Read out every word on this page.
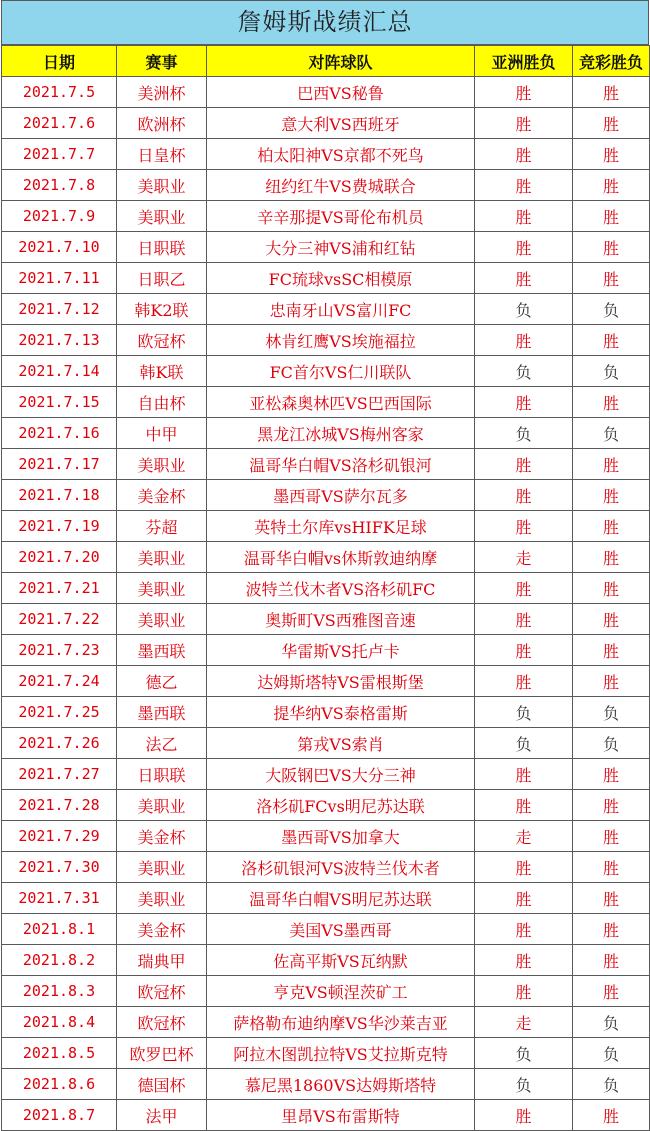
詹姆斯战绩汇总
日期	赛事	对阵球队	亚洲胜负	竞彩胜负
2021.7.5	美洲杯	巴西VS秘鲁	胜	胜
2021.7.6	欧洲杯	意大利VS西班牙	胜	胜
2021.7.7	日皇杯	柏太阳神VS京都不死鸟	胜	胜
2021.7.8	美职业	纽约红牛VS费城联合	胜	胜
2021.7.9	美职业	辛辛那提VS哥伦布机员	胜	胜
2021.7.10	日职联	大分三神VS浦和红钻	胜	胜
2021.7.11	日职乙	FC琉球vsSC相模原	胜	胜
2021.7.12	韩K2联	忠南牙山VS富川FC	负	负
2021.7.13	欧冠杯	林肯红鹰VS埃施福拉	胜	胜
2021.7.14	韩K联	FC首尔VS仁川联队	负	负
2021.7.15	自由杯	亚松森奥林匹VS巴西国际	胜	胜
2021.7.16	中甲	黑龙江冰城VS梅州客家	负	负
2021.7.17	美职业	温哥华白帽VS洛杉矶银河	胜	胜
2021.7.18	美金杯	墨西哥VS萨尔瓦多	胜	胜
2021.7.19	芬超	英特土尔库vsHIFK足球	胜	胜
2021.7.20	美职业	温哥华白帽vs休斯敦迪纳摩	走	胜
2021.7.21	美职业	波特兰伐木者VS洛杉矶FC	胜	胜
2021.7.22	美职业	奥斯町VS西雅图音速	胜	胜
2021.7.23	墨西联	华雷斯VS托卢卡	胜	胜
2021.7.24	德乙	达姆斯塔特VS雷根斯堡	胜	胜
2021.7.25	墨西联	提华纳VS泰格雷斯	负	负
2021.7.26	法乙	第戎VS索肖	负	负
2021.7.27	日职联	大阪钢巴VS大分三神	胜	胜
2021.7.28	美职业	洛杉矶FCvs明尼苏达联	胜	胜
2021.7.29	美金杯	墨西哥VS加拿大	走	胜
2021.7.30	美职业	洛杉矶银河VS波特兰伐木者	胜	胜
2021.7.31	美职业	温哥华白帽VS明尼苏达联	胜	胜
2021.8.1	美金杯	美国VS墨西哥	胜	胜
2021.8.2	瑞典甲	佐高平斯VS瓦纳默	胜	胜
2021.8.3	欧冠杯	亨克VS顿涅茨矿工	胜	胜
2021.8.4	欧冠杯	萨格勒布迪纳摩VS华沙莱吉亚	走	负
2021.8.5	欧罗巴杯	阿拉木图凯拉特VS艾拉斯克特	负	负
2021.8.6	德国杯	慕尼黑1860VS达姆斯塔特	负	负
2021.8.7	法甲	里昂VS布雷斯特	胜	胜
